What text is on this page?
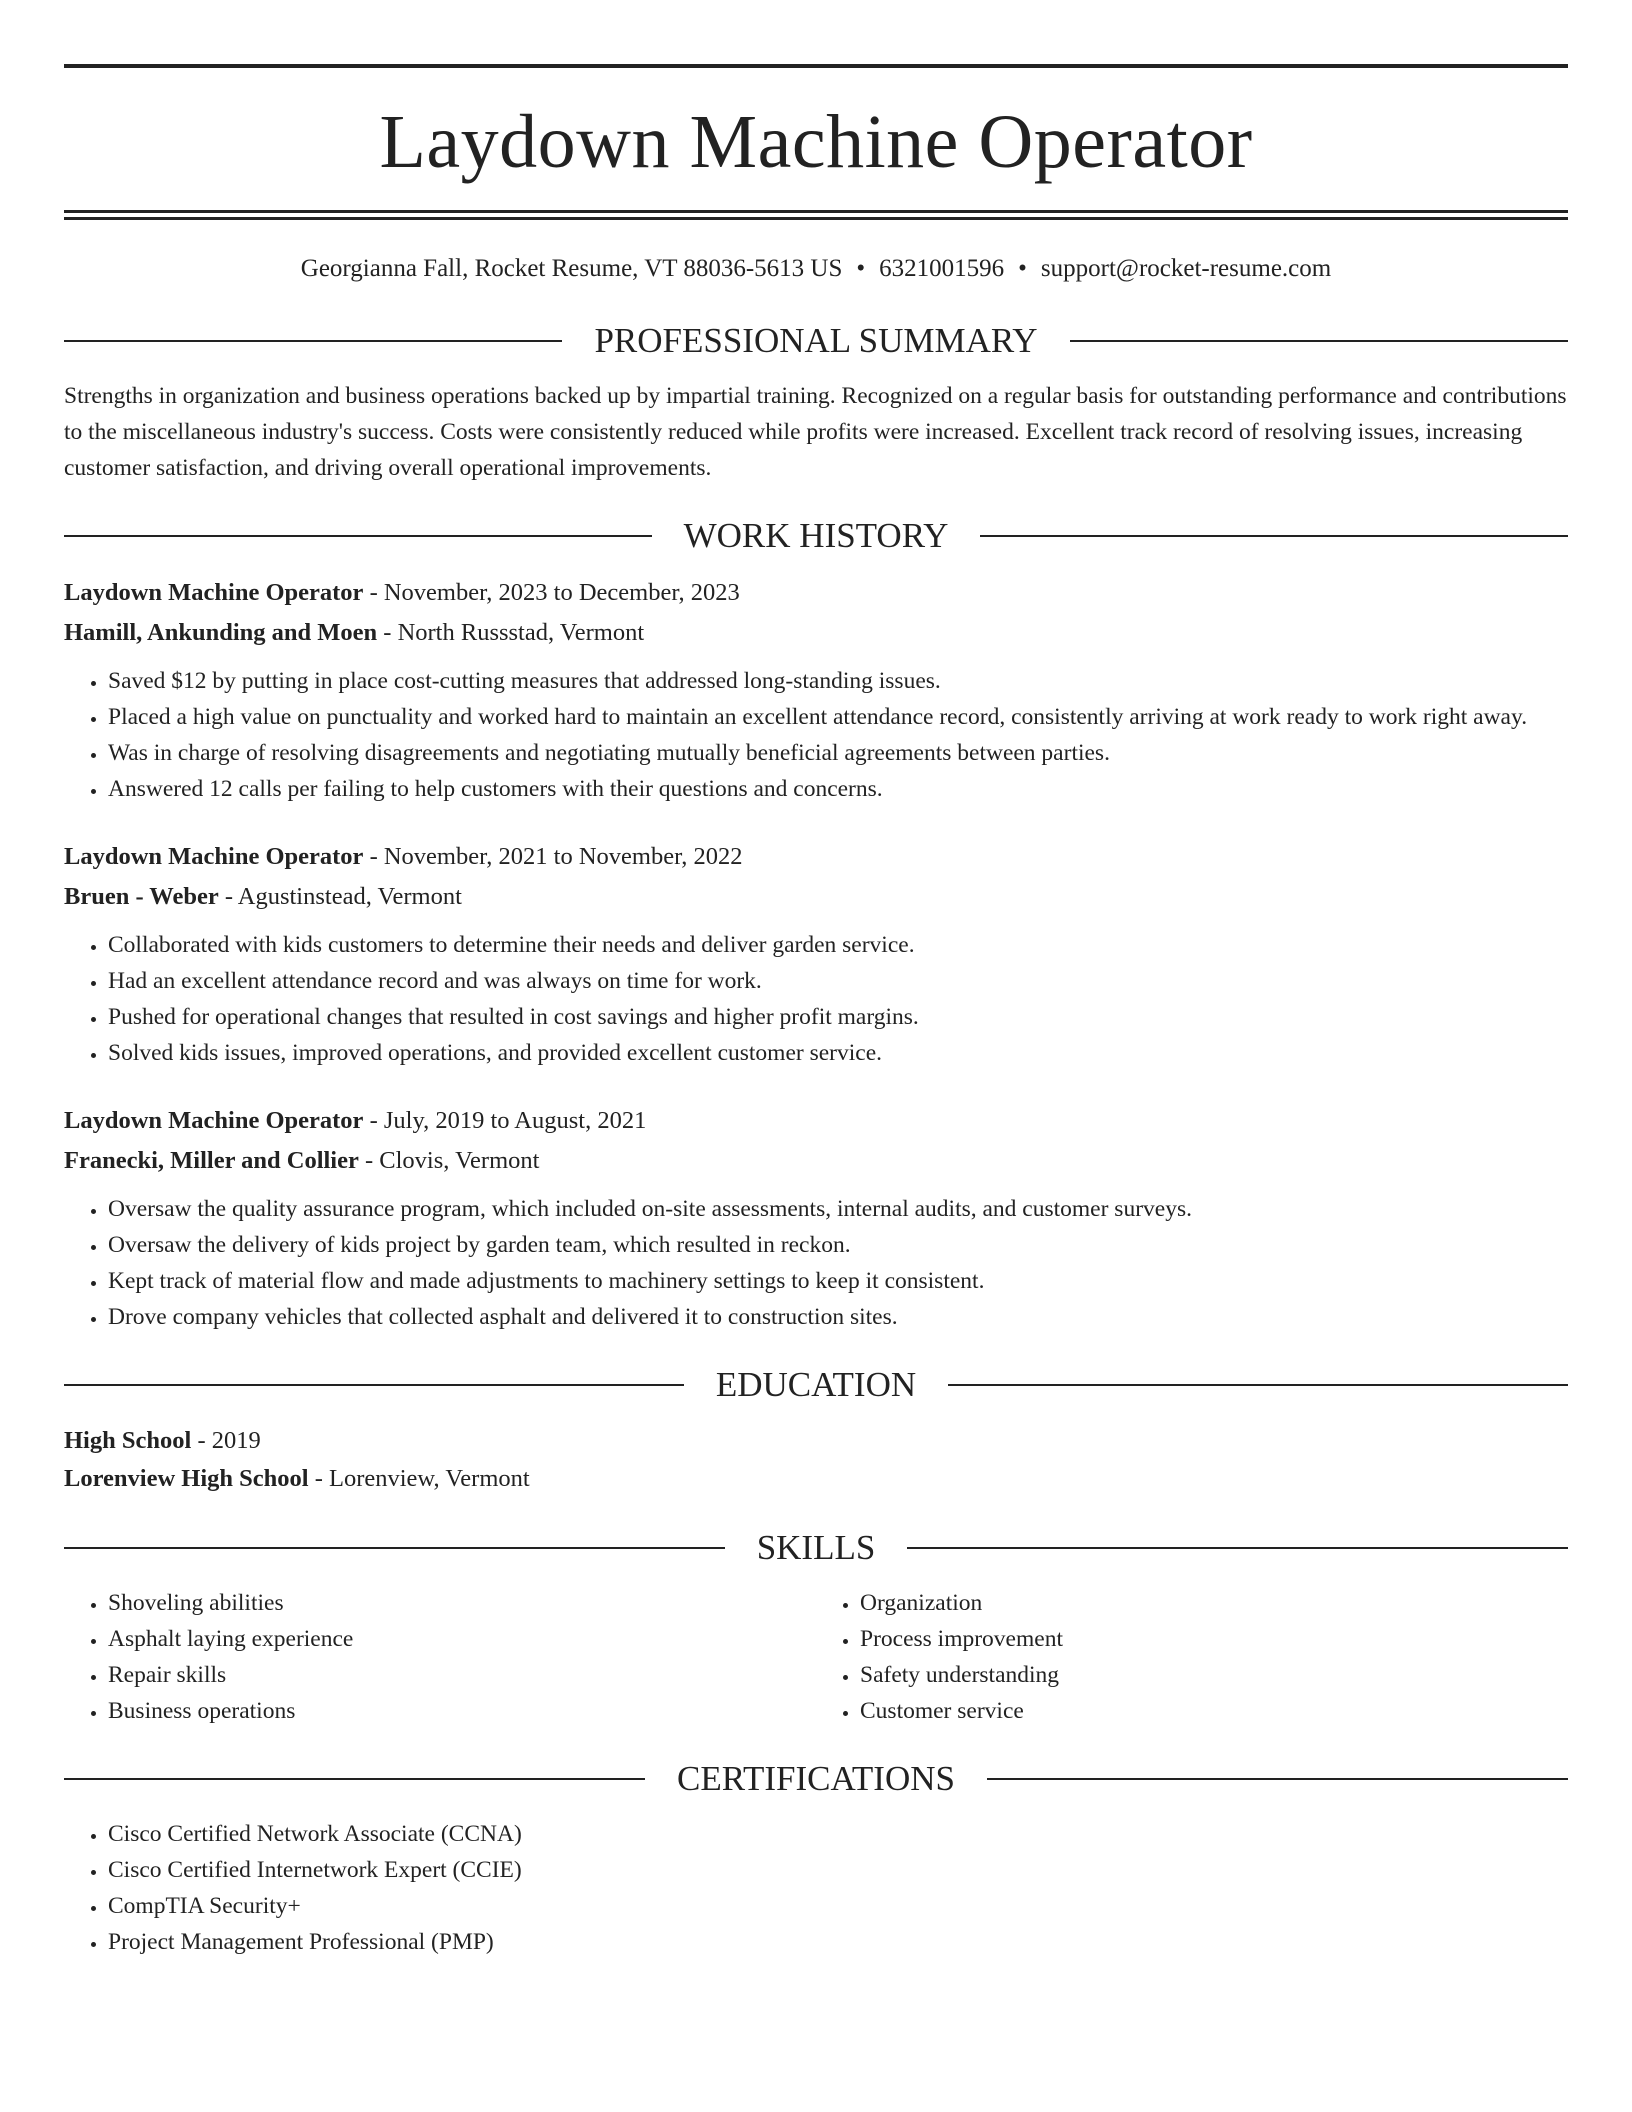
Laydown Machine Operator
Georgianna Fall, Rocket Resume, VT 88036-5613 US • 6321001596 • support@rocket-resume.com
PROFESSIONAL SUMMARY

Strengths in organization and business operations backed up by impartial training. Recognized on a regular basis for outstanding performance and contributions to the miscellaneous industry's success. Costs were consistently reduced while profits were increased. Excellent track record of resolving issues, increasing customer satisfaction, and driving overall operational improvements.

WORK HISTORY
Laydown Machine Operator - November, 2023 to December, 2023
Hamill, Ankunding and Moen - North Russstad, Vermont
• Saved $12 by putting in place cost-cutting measures that addressed long-standing issues.
• Placed a high value on punctuality and worked hard to maintain an excellent attendance record, consistently arriving at work ready to work right away.
• Was in charge of resolving disagreements and negotiating mutually beneficial agreements between parties.
• Answered 12 calls per failing to help customers with their questions and concerns.
Laydown Machine Operator - November, 2021 to November, 2022
Bruen - Weber - Agustinstead, Vermont
• Collaborated with kids customers to determine their needs and deliver garden service.
• Had an excellent attendance record and was always on time for work.
• Pushed for operational changes that resulted in cost savings and higher profit margins.
• Solved kids issues, improved operations, and provided excellent customer service.
Laydown Machine Operator - July, 2019 to August, 2021
Franecki, Miller and Collier - Clovis, Vermont
• Oversaw the quality assurance program, which included on-site assessments, internal audits, and customer surveys.
• Oversaw the delivery of kids project by garden team, which resulted in reckon.
• Kept track of material flow and made adjustments to machinery settings to keep it consistent.
• Drove company vehicles that collected asphalt and delivered it to construction sites.
EDUCATION
High School - 2019
Lorenview High School - Lorenview, Vermont
SKILLS
• Shoveling abilities
• Asphalt laying experience
• Repair skills
• Business operations
• Organization
• Process improvement
• Safety understanding
• Customer service
CERTIFICATIONS
• Cisco Certified Network Associate (CCNA)
• Cisco Certified Internetwork Expert (CCIE)
• CompTIA Security+
• Project Management Professional (PMP)
